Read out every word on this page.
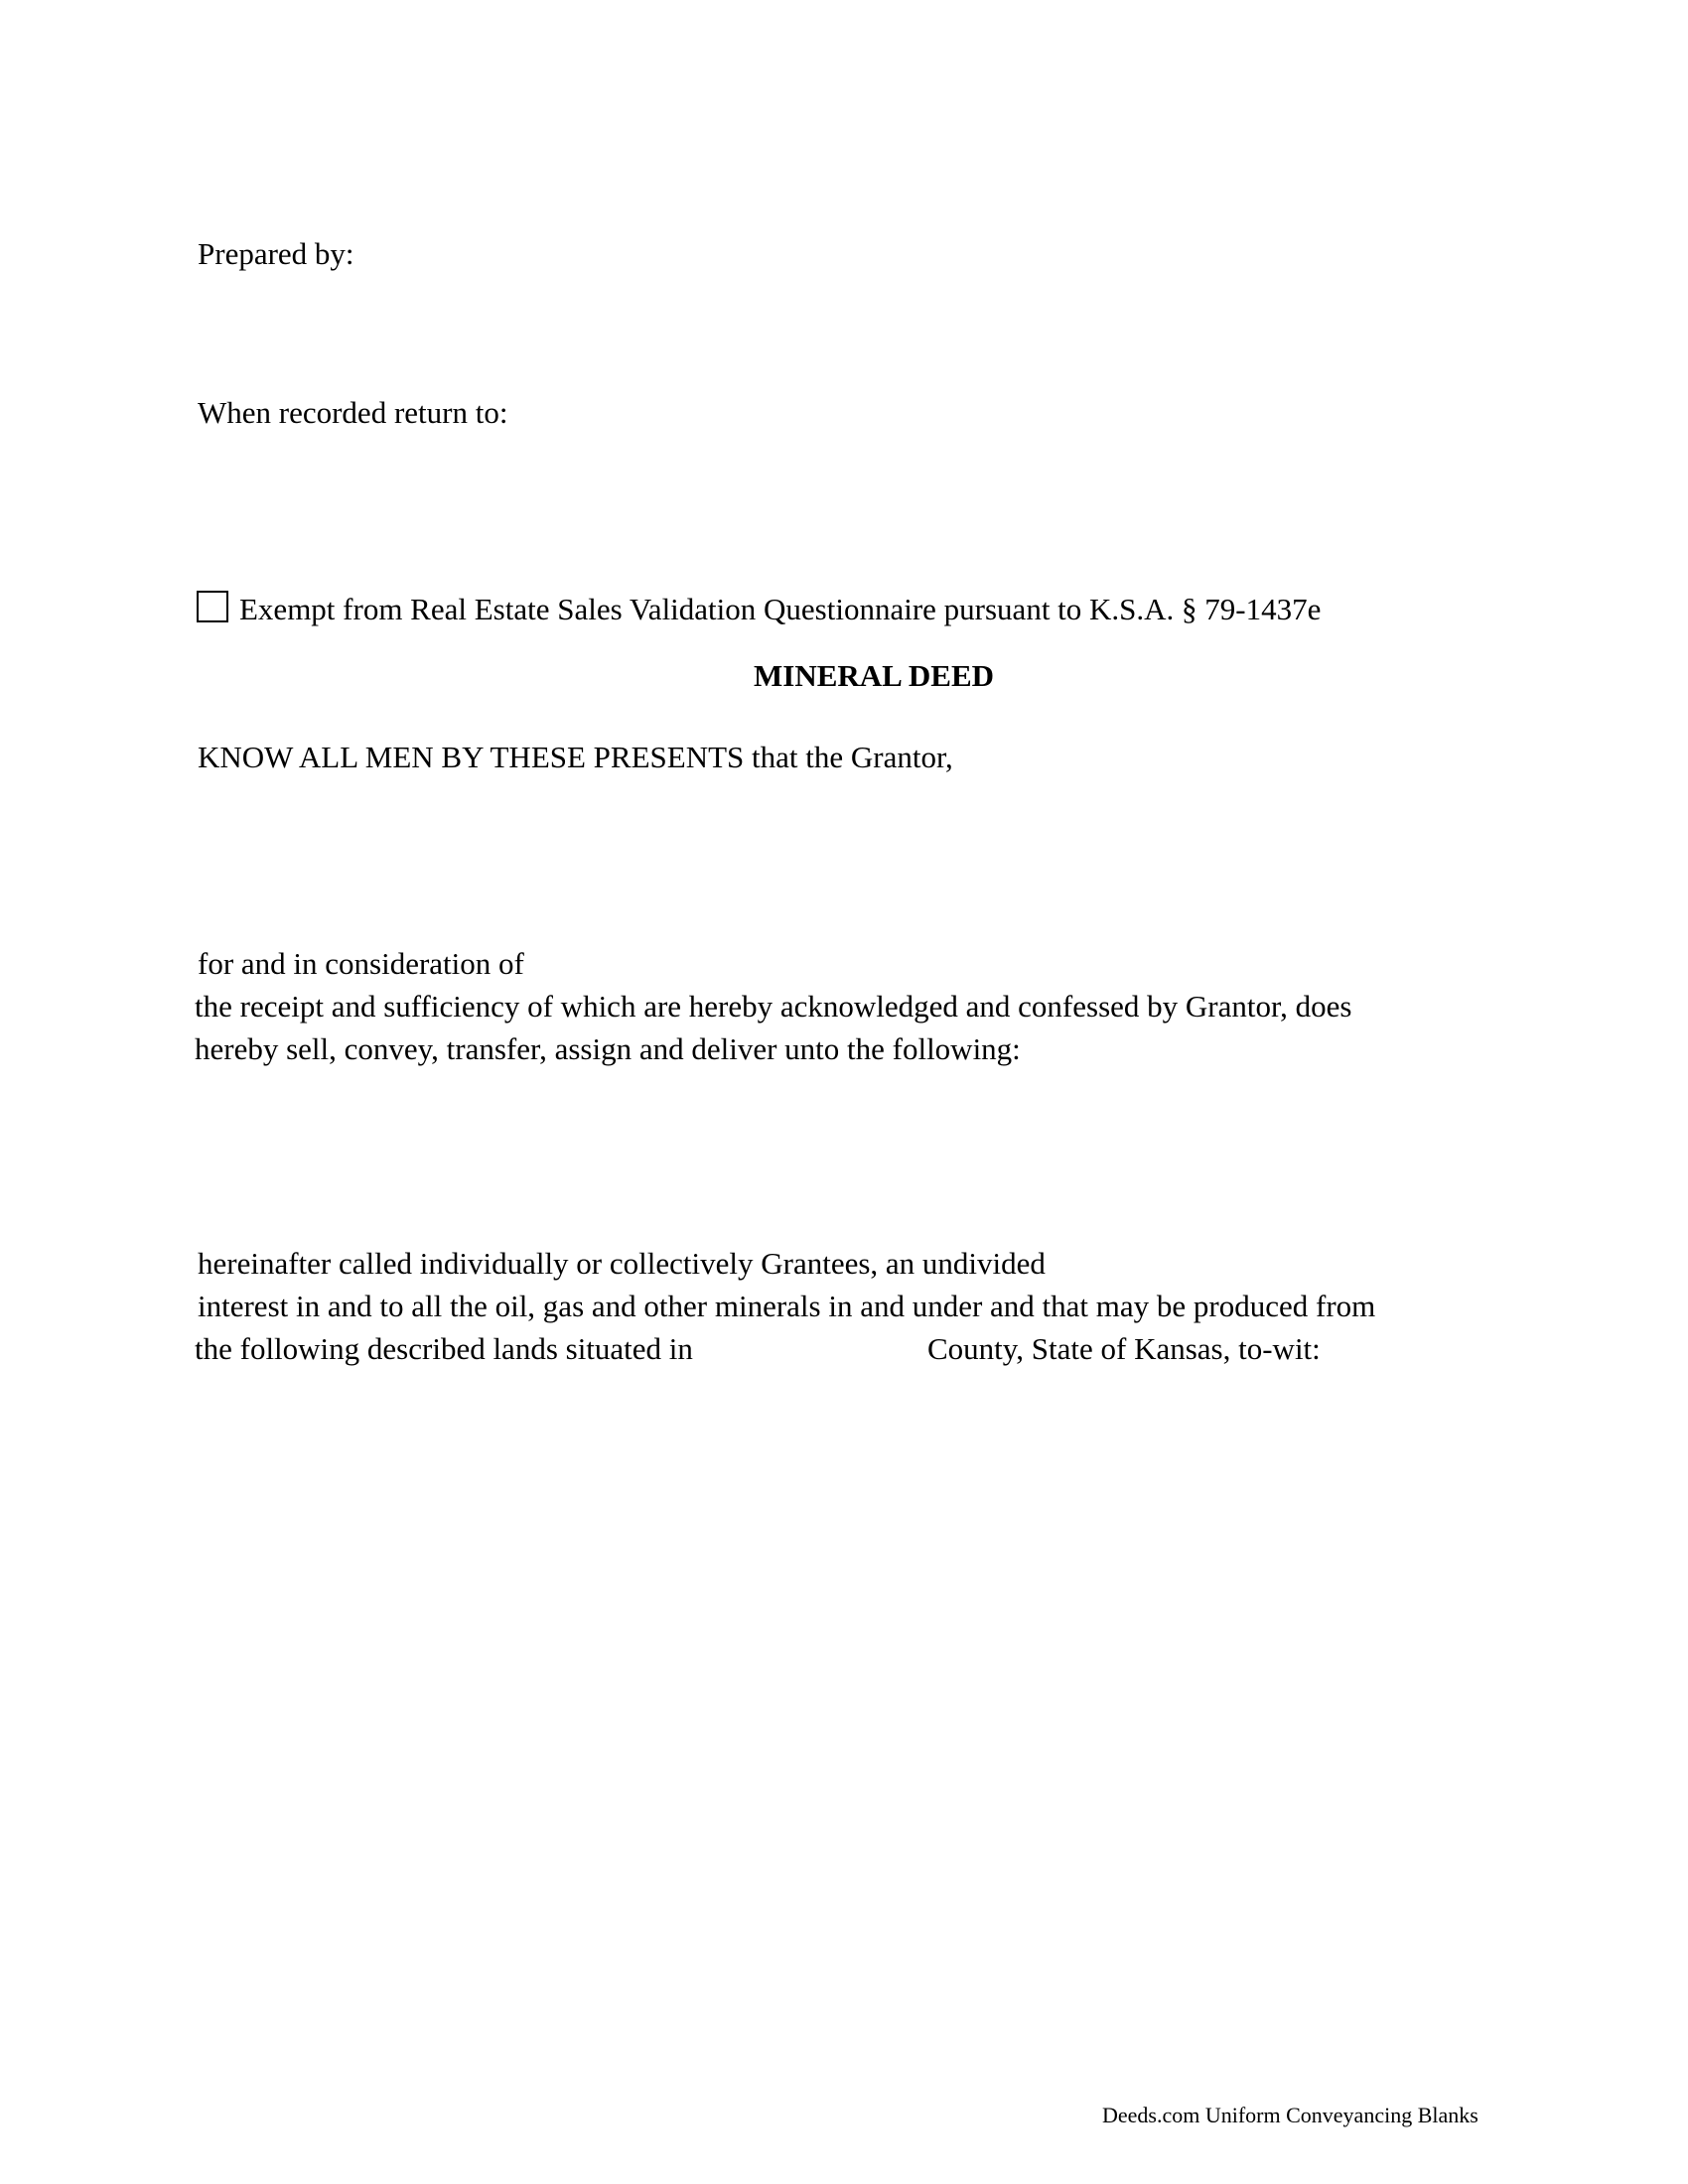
Prepared by:
When recorded return to:
Exempt from Real Estate Sales Validation Questionnaire pursuant to K.S.A. § 79-1437e
MINERAL DEED
KNOW ALL MEN BY THESE PRESENTS that the Grantor,
for and in consideration of
the receipt and sufficiency of which are hereby acknowledged and confessed by Grantor, does
hereby sell, convey, transfer, assign and deliver unto the following:
hereinafter called individually or collectively Grantees, an undivided
interest in and to all the oil, gas and other minerals in and under and that may be produced from
the following described lands situated in	County, State of Kansas, to-wit:
Deeds.com Uniform Conveyancing Blanks
